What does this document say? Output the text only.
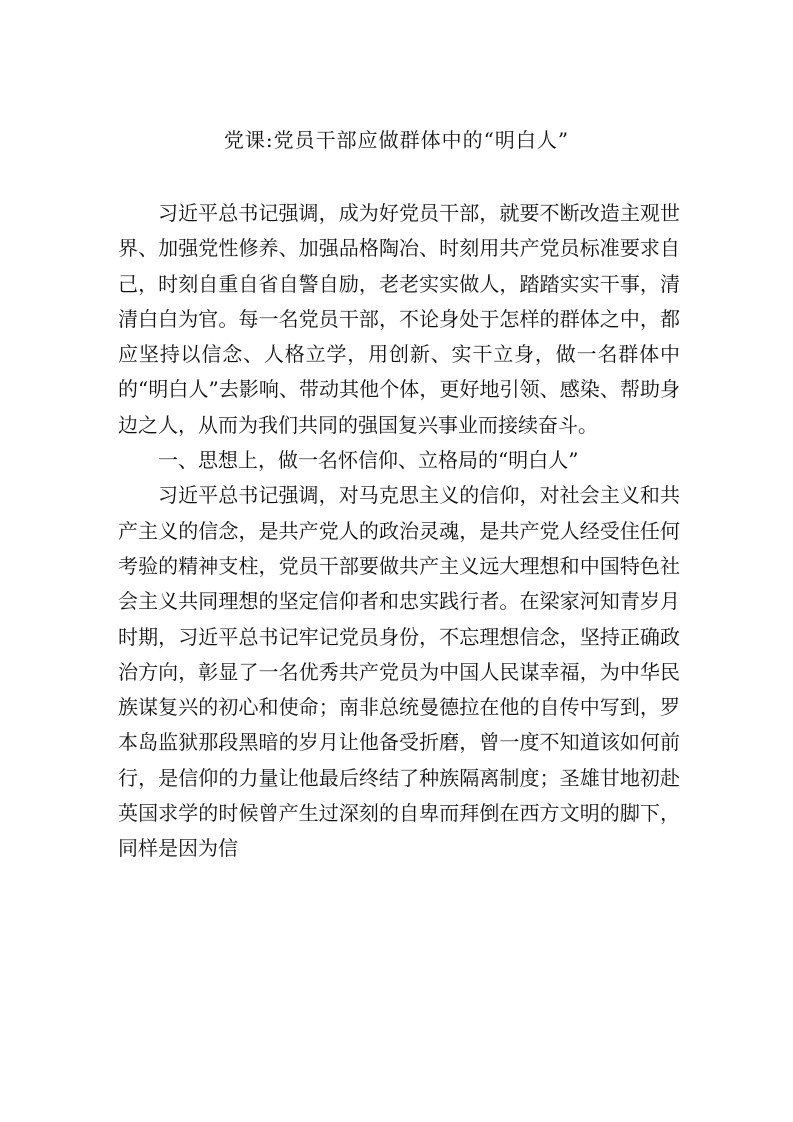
党课:党员干部应做群体中的“明白人”

习近平总书记强调，成为好党员干部，就要不断改造主观世界、加强党性修养、加强品格陶冶、时刻用共产党员标准要求自己，时刻自重自省自警自励，老老实实做人，踏踏实实干事，清清白白为官。每一名党员干部，不论身处于怎样的群体之中，都应坚持以信念、人格立学，用创新、实干立身，做一名群体中的“明白人”去影响、带动其他个体，更好地引领、感染、帮助身边之人，从而为我们共同的强国复兴事业而接续奋斗。

一、思想上，做一名怀信仰、立格局的“明白人”

习近平总书记强调，对马克思主义的信仰，对社会主义和共产主义的信念，是共产党人的政治灵魂，是共产党人经受住任何考验的精神支柱，党员干部要做共产主义远大理想和中国特色社会主义共同理想的坚定信仰者和忠实践行者。在梁家河知青岁月时期，习近平总书记牢记党员身份，不忘理想信念，坚持正确政治方向，彰显了一名优秀共产党员为中国人民谋幸福，为中华民族谋复兴的初心和使命；南非总统曼德拉在他的自传中写到，罗本岛监狱那段黑暗的岁月让他备受折磨，曾一度不知道该如何前行，是信仰的力量让他最后终结了种族隔离制度；圣雄甘地初赴英国求学的时候曾产生过深刻的自卑而拜倒在西方文明的脚下，同样是因为信
